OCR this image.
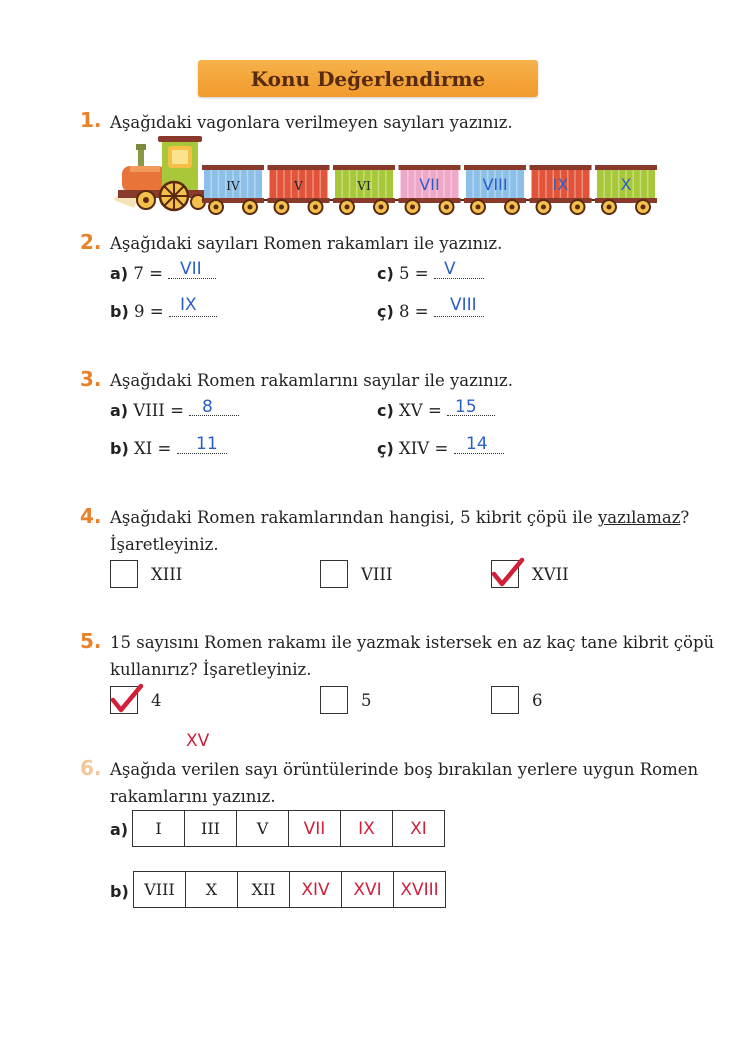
Konu Değerlendirme
1. Aşağıdaki vagonlara verilmeyen sayıları yazınız.
IV	V	VI	VII	VIII	IX	X
2. Aşağıdaki sayıları Romen rakamları ile yazınız.
a) 7 =	VII	c) 5 = V
b) 9 = IX	ç) 8 =	VIII
3. Aşağıdaki Romen rakamlarını sayılar ile yazınız.
a) VIII =	8	c) XV = 15
b) XI =	11	ç) XIV =	14
4. Aşağıdaki Romen rakamlarından hangisi, 5 kibrit çöpü ile yazılamaz?
İşaretleyiniz.
XIII	VIII	XVII
5. 15 sayısını Romen rakamı ile yazmak istersek en az kaç tane kibrit çöpü
kullanırız? İşaretleyiniz.
4	5	6
XV
6. Aşağıda verilen sayı örüntülerinde boş bırakılan yerlere uygun Romen
rakamlarını yazınız.
a) I	III	V	VII	IX	XI
b) VIII	X	XII	XIV	XVI	XVIII
